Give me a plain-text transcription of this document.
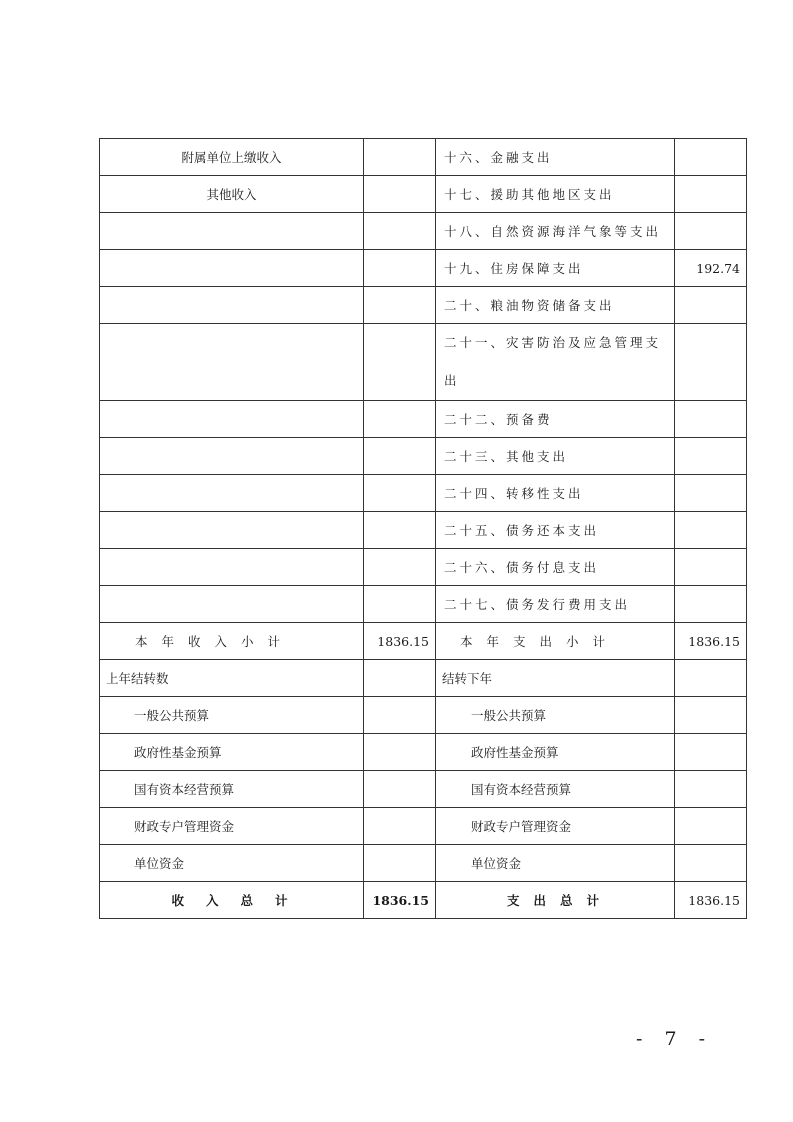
附属单位上缴收入		十六、金融支出	
其他收入		十七、援助其他地区支出	
		十八、自然资源海洋气象等支出	
		十九、住房保障支出	192.74
		二十、粮油物资储备支出	
		二十一、灾害防治及应急管理支出	
		二十二、预备费	
		二十三、其他支出	
		二十四、转移性支出	
		二十五、债务还本支出	
		二十六、债务付息支出	
		二十七、债务发行费用支出	
本年收入小计	1836.15	本年支出小计	1836.15
上年结转数		结转下年	
一般公共预算		一般公共预算	
政府性基金预算		政府性基金预算	
国有资本经营预算		国有资本经营预算	
财政专户管理资金		财政专户管理资金	
单位资金		单位资金	
收入总计	1836.15	支出总计	1836.15
- 7 -
